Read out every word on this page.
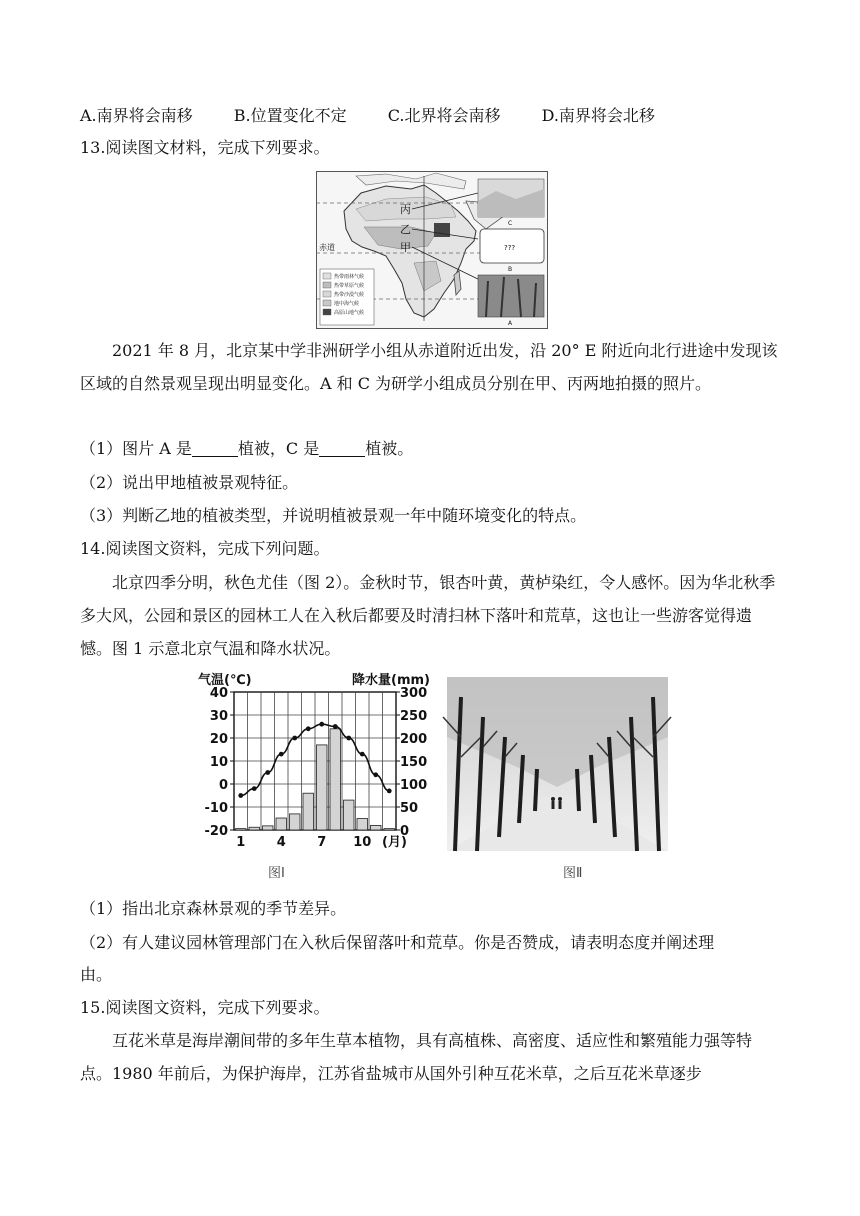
A.南界将会南移	B.位置变化不定	C.北界将会南移	D.南界将会北移
13.阅读图文材料，完成下列要求。
丙
乙
甲
赤道
C
???
B
A
热带雨林气候
热带草原气候
热带沙漠气候
地中海气候
高原山地气候
2021 年 8 月，北京某中学非洲研学小组从赤道附近出发，沿 20° E 附近向北行进途中发现该区域的自然景观呈现出明显变化。A 和 C 为研学小组成员分别在甲、丙两地拍摄的照片。
（1）图片 A 是	植被，C 是	植被。
（2）说出甲地植被景观特征。
（3）判断乙地的植被类型，并说明植被景观一年中随环境变化的特点。
14.阅读图文资料，完成下列问题。
北京四季分明，秋色尤佳（图 2）。金秋时节，银杏叶黄，黄栌染红，令人感怀。因为华北秋季多大风，公园和景区的园林工人在入秋后都要及时清扫林下落叶和荒草，这也让一些游客觉得遗憾。图 1 示意北京气温和降水状况。
气温(℃)	降水量(mm)
40
30
20
10
0
-10
-20
300
250
200
150
100
50
0
1 4 7 10 (月)
图Ⅰ	图Ⅱ
（1）指出北京森林景观的季节差异。
（2）有人建议园林管理部门在入秋后保留落叶和荒草。你是否赞成，请表明态度并阐述理
由。
15.阅读图文资料，完成下列要求。
互花米草是海岸潮间带的多年生草本植物，具有高植株、高密度、适应性和繁殖能力强等特点。1980 年前后，为保护海岸，江苏省盐城市从国外引种互花米草，之后互花米草逐步
